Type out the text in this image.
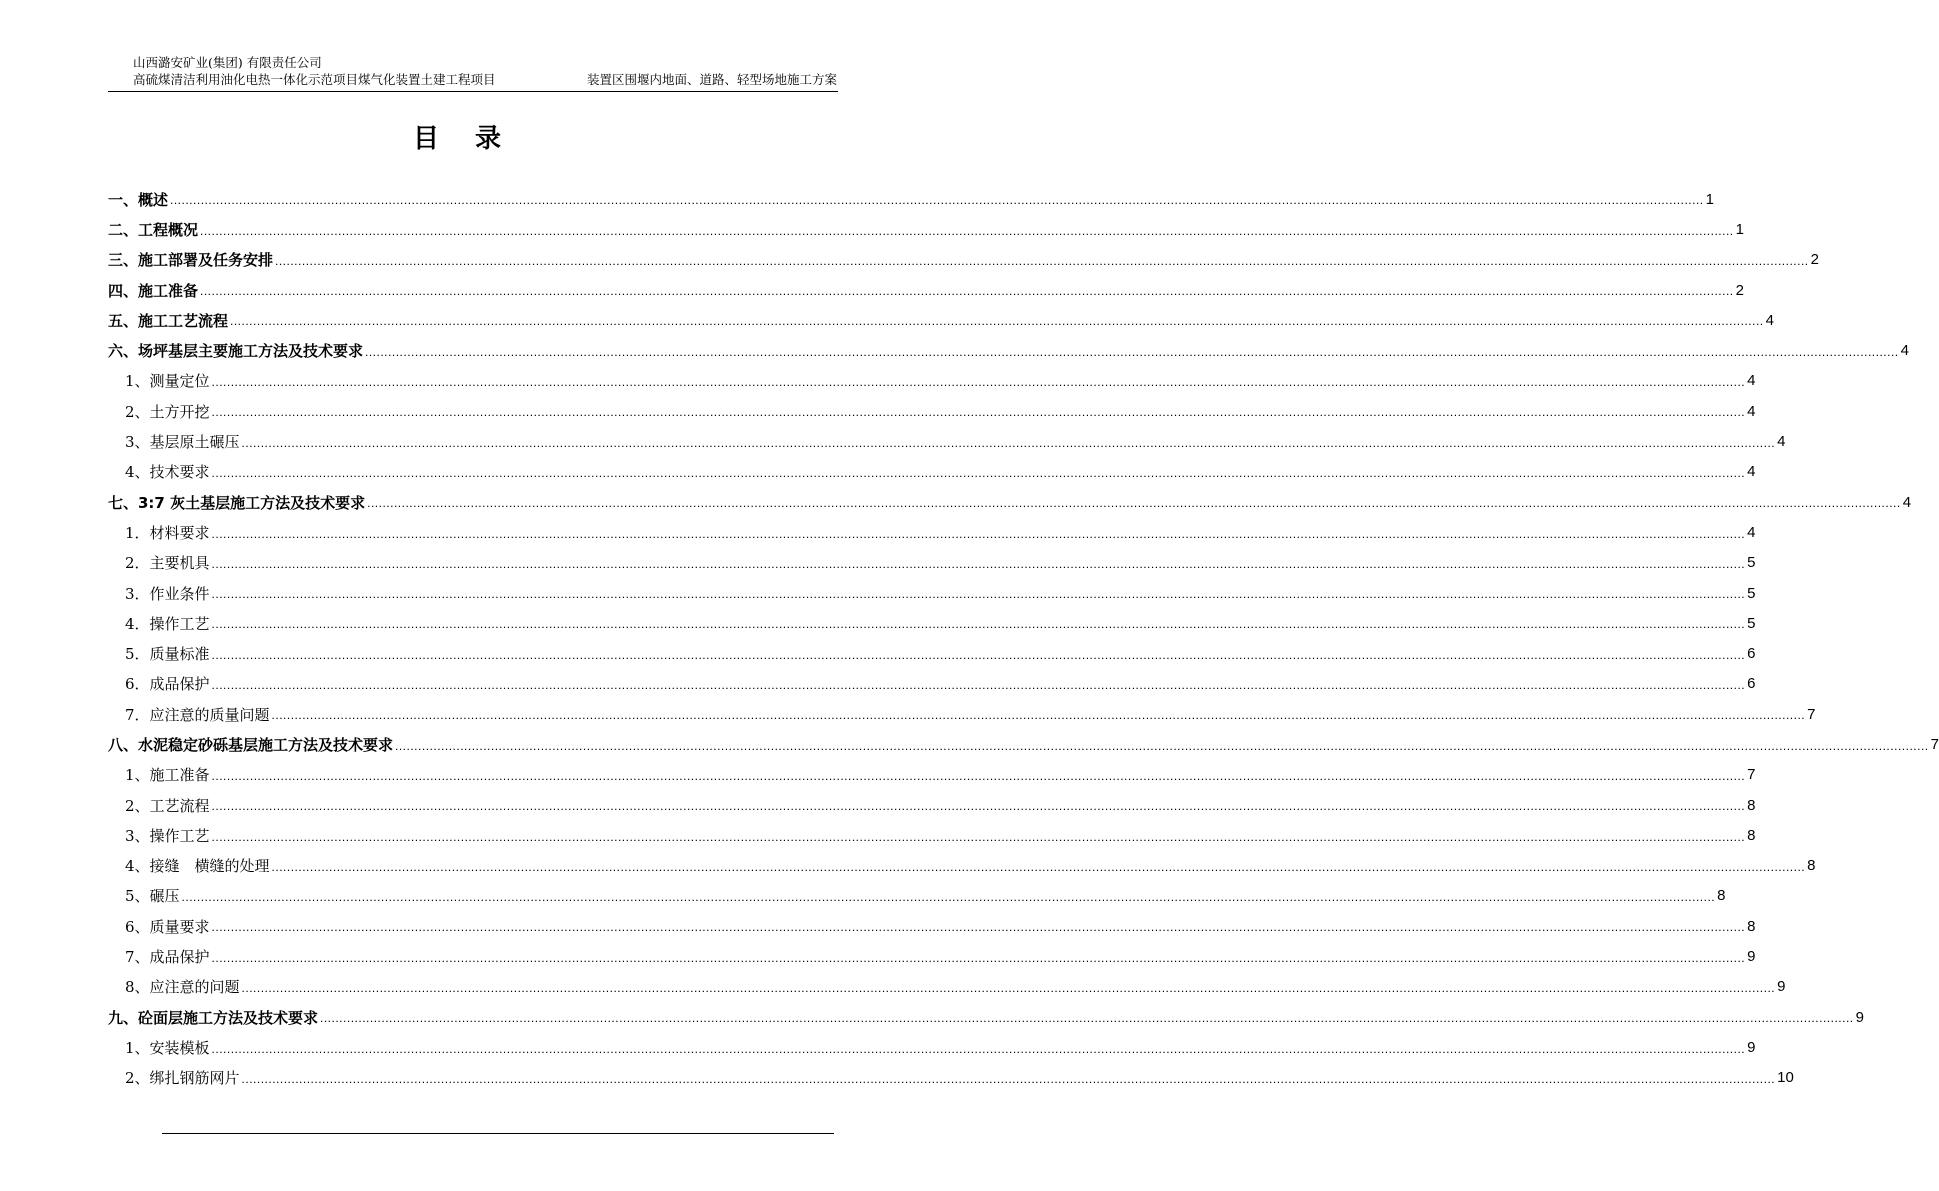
山西潞安矿业(集团) 有限责任公司
高硫煤清洁利用油化电热一体化示范项目煤气化装置土建工程项目	装置区围堰内地面、道路、轻型场地施工方案
目录
一、概述 ................................................................................................................................................................................................................................................................................................................................................................................................................ 1
二、工程概况 ................................................................................................................................................................................................................................................................................................................................................................................................................ 1
三、施工部署及任务安排 ................................................................................................................................................................................................................................................................................................................................................................................................................ 2
四、施工准备 ................................................................................................................................................................................................................................................................................................................................................................................................................ 2
五、施工工艺流程 ................................................................................................................................................................................................................................................................................................................................................................................................................ 4
六、场坪基层主要施工方法及技术要求 ................................................................................................................................................................................................................................................................................................................................................................................................................ 4
1、测量定位 ................................................................................................................................................................................................................................................................................................................................................................................................................ 4
2、土方开挖 ................................................................................................................................................................................................................................................................................................................................................................................................................ 4
3、基层原土碾压 ................................................................................................................................................................................................................................................................................................................................................................................................................ 4
4、技术要求 ................................................................................................................................................................................................................................................................................................................................................................................................................ 4
七、3:7 灰土基层施工方法及技术要求 ................................................................................................................................................................................................................................................................................................................................................................................................................ 4
1．材料要求 ................................................................................................................................................................................................................................................................................................................................................................................................................ 4
2．主要机具 ................................................................................................................................................................................................................................................................................................................................................................................................................ 5
3．作业条件 ................................................................................................................................................................................................................................................................................................................................................................................................................ 5
4．操作工艺 ................................................................................................................................................................................................................................................................................................................................................................................................................ 5
5．质量标准 ................................................................................................................................................................................................................................................................................................................................................................................................................ 6
6．成品保护 ................................................................................................................................................................................................................................................................................................................................................................................................................ 6
7．应注意的质量问题 ................................................................................................................................................................................................................................................................................................................................................................................................................ 7
八、水泥稳定砂砾基层施工方法及技术要求 ................................................................................................................................................................................................................................................................................................................................................................................................................ 7
1、施工准备 ................................................................................................................................................................................................................................................................................................................................................................................................................ 7
2、工艺流程 ................................................................................................................................................................................................................................................................................................................................................................................................................ 8
3、操作工艺 ................................................................................................................................................................................................................................................................................................................................................................................................................ 8
4、接缝　横缝的处理 ................................................................................................................................................................................................................................................................................................................................................................................................................ 8
5、碾压 ................................................................................................................................................................................................................................................................................................................................................................................................................ 8
6、质量要求 ................................................................................................................................................................................................................................................................................................................................................................................................................ 8
7、成品保护 ................................................................................................................................................................................................................................................................................................................................................................................................................ 9
8、应注意的问题 ................................................................................................................................................................................................................................................................................................................................................................................................................ 9
九、砼面层施工方法及技术要求 ................................................................................................................................................................................................................................................................................................................................................................................................................ 9
1、安装模板 ................................................................................................................................................................................................................................................................................................................................................................................................................ 9
2、绑扎钢筋网片 ................................................................................................................................................................................................................................................................................................................................................................................................................ 10
